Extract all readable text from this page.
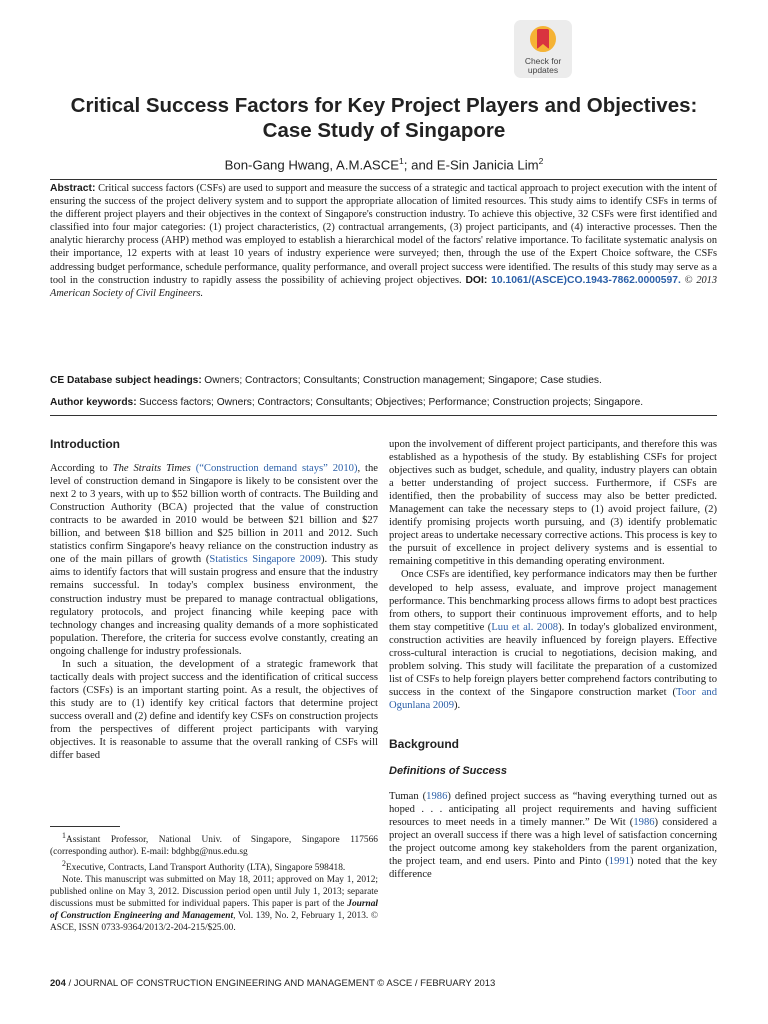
Check for
updates
Critical Success Factors for Key Project Players and Objectives: Case Study of Singapore
Bon-Gang Hwang, A.M.ASCE$^1$; and E-Sin Janicia Lim$^2$
Abstract: Critical success factors (CSFs) are used to support and measure the success of a strategic and tactical approach to project execution with the intent of ensuring the success of the project delivery system and to support the appropriate allocation of limited resources. This study aims to identify CSFs in terms of the different project players and their objectives in the context of Singapore's construction industry. To achieve this objective, 32 CSFs were first identified and classified into four major categories: (1) project characteristics, (2) contractual arrangements, (3) project participants, and (4) interactive processes. Then the analytic hierarchy process (AHP) method was employed to establish a hierarchical model of the factors' relative importance. To facilitate systematic analysis on their importance, 12 experts with at least 10 years of industry experience were surveyed; then, through the use of the Expert Choice software, the CSFs addressing budget performance, schedule performance, quality performance, and overall project success were identified. The results of this study may serve as a tool in the construction industry to rapidly assess the possibility of achieving project objectives. DOI: 10.1061/(ASCE)CO.1943-7862.0000597. © 2013 American Society of Civil Engineers.
CE Database subject headings: Owners; Contractors; Consultants; Construction management; Singapore; Case studies.
Author keywords: Success factors; Owners; Contractors; Consultants; Objectives; Performance; Construction projects; Singapore.
Introduction

According to The Straits Times (“Construction demand stays” 2010), the level of construction demand in Singapore is likely to be consistent over the next 2 to 3 years, with up to $52 billion worth of contracts. The Building and Construction Authority (BCA) projected that the value of construction contracts to be awarded in 2010 would be between $21 billion and $27 billion, and between $18 billion and $25 billion in 2011 and 2012. Such statistics confirm Singapore's heavy reliance on the construction industry as one of the main pillars of growth (Statistics Singapore 2009). This study aims to identify factors that will sustain progress and ensure that the industry remains successful. In today's complex business environment, the construction industry must be prepared to manage contractual obligations, regulatory protocols, and project financing while keeping pace with technology changes and increasing quality demands of a more sophisticated population. Therefore, the criteria for success evolve constantly, creating an ongoing challenge for industry professionals.

In such a situation, the development of a strategic framework that tactically deals with project success and the identification of critical success factors (CSFs) is an important starting point. As a result, the objectives of this study are to (1) identify key critical factors that determine project success overall and (2) define and identify key CSFs on construction projects from the perspectives of different project participants with varying objectives. It is reasonable to assume that the overall ranking of CSFs will differ based

$^1$Assistant Professor, National Univ. of Singapore, Singapore 117566 (corresponding author). E-mail: bdghbg@nus.edu.sg

$^2$Executive, Contracts, Land Transport Authority (LTA), Singapore 598418.

Note. This manuscript was submitted on May 18, 2011; approved on May 1, 2012; published online on May 3, 2012. Discussion period open until July 1, 2013; separate discussions must be submitted for individual papers. This paper is part of the Journal of Construction Engineering and Management, Vol. 139, No. 2, February 1, 2013. © ASCE, ISSN 0733-9364/2013/2-204-215/$25.00.

upon the involvement of different project participants, and therefore this was established as a hypothesis of the study. By establishing CSFs for project objectives such as budget, schedule, and quality, industry players can obtain a better understanding of project success. Furthermore, if CSFs are identified, then the probability of success may also be better predicted. Management can take the necessary steps to (1) avoid project failure, (2) identify promising projects worth pursuing, and (3) identify problematic project areas to undertake necessary corrective actions. This process is key to the pursuit of excellence in project delivery systems and is essential to remaining competitive in this demanding operating environment.

Once CSFs are identified, key performance indicators may then be further developed to help assess, evaluate, and improve project management performance. This benchmarking process allows firms to adopt best practices from others, to support their continuous improvement efforts, and to help them stay competitive (Luu et al. 2008). In today's globalized environment, construction activities are heavily influenced by foreign players. Effective cross-cultural interaction is crucial to negotiations, decision making, and problem solving. This study will facilitate the preparation of a customized list of CSFs to help foreign players better comprehend factors contributing to success in the context of the Singapore construction market (Toor and Ogunlana 2009).

Background
Definitions of Success

Tuman (1986) defined project success as “having everything turned out as hoped . . . anticipating all project requirements and having sufficient resources to meet needs in a timely manner.” De Wit (1986) considered a project an overall success if there was a high level of satisfaction concerning the project outcome among key stakeholders from the parent organization, the project team, and end users. Pinto and Pinto (1991) noted that the key difference

204 / JOURNAL OF CONSTRUCTION ENGINEERING AND MANAGEMENT © ASCE / FEBRUARY 2013
